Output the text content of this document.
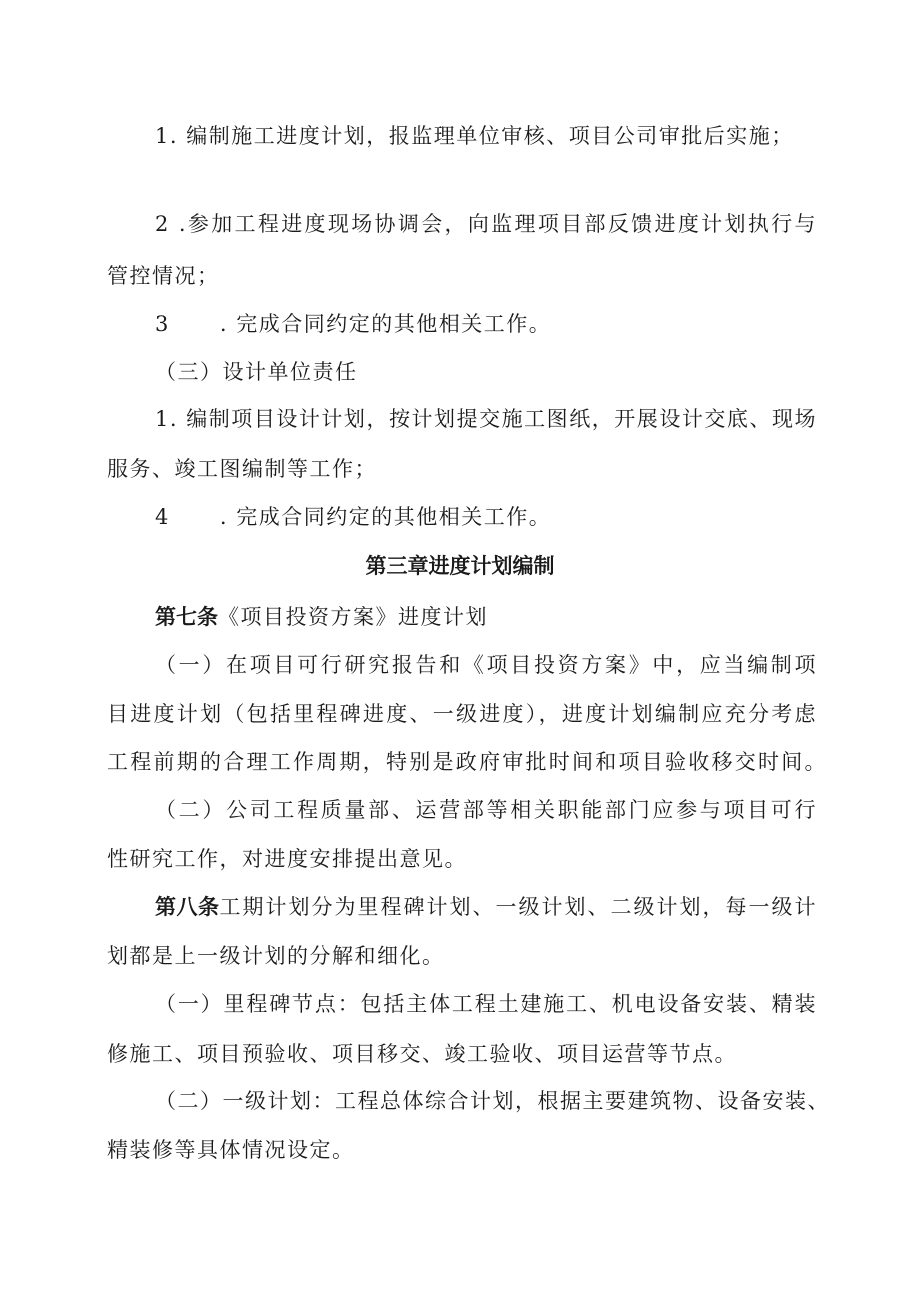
1. 编制施工进度计划，报监理单位审核、项目公司审批后实施；
2 .参加工程进度现场协调会，向监理项目部反馈进度计划执行与
管控情况；
3 . 完成合同约定的其他相关工作。
（三）设计单位责任
1. 编制项目设计计划，按计划提交施工图纸，开展设计交底、现场
服务、竣工图编制等工作；
4 . 完成合同约定的其他相关工作。
第三章进度计划编制
第七条《项目投资方案》进度计划
（一）在项目可行研究报告和《项目投资方案》中，应当编制项
目进度计划（包括里程碑进度、一级进度），进度计划编制应充分考虑
工程前期的合理工作周期，特别是政府审批时间和项目验收移交时间。
（二）公司工程质量部、运营部等相关职能部门应参与项目可行
性研究工作，对进度安排提出意见。
第八条工期计划分为里程碑计划、一级计划、二级计划，每一级计
划都是上一级计划的分解和细化。
（一）里程碑节点：包括主体工程土建施工、机电设备安装、精装
修施工、项目预验收、项目移交、竣工验收、项目运营等节点。
（二）一级计划：工程总体综合计划，根据主要建筑物、设备安装、
精装修等具体情况设定。
